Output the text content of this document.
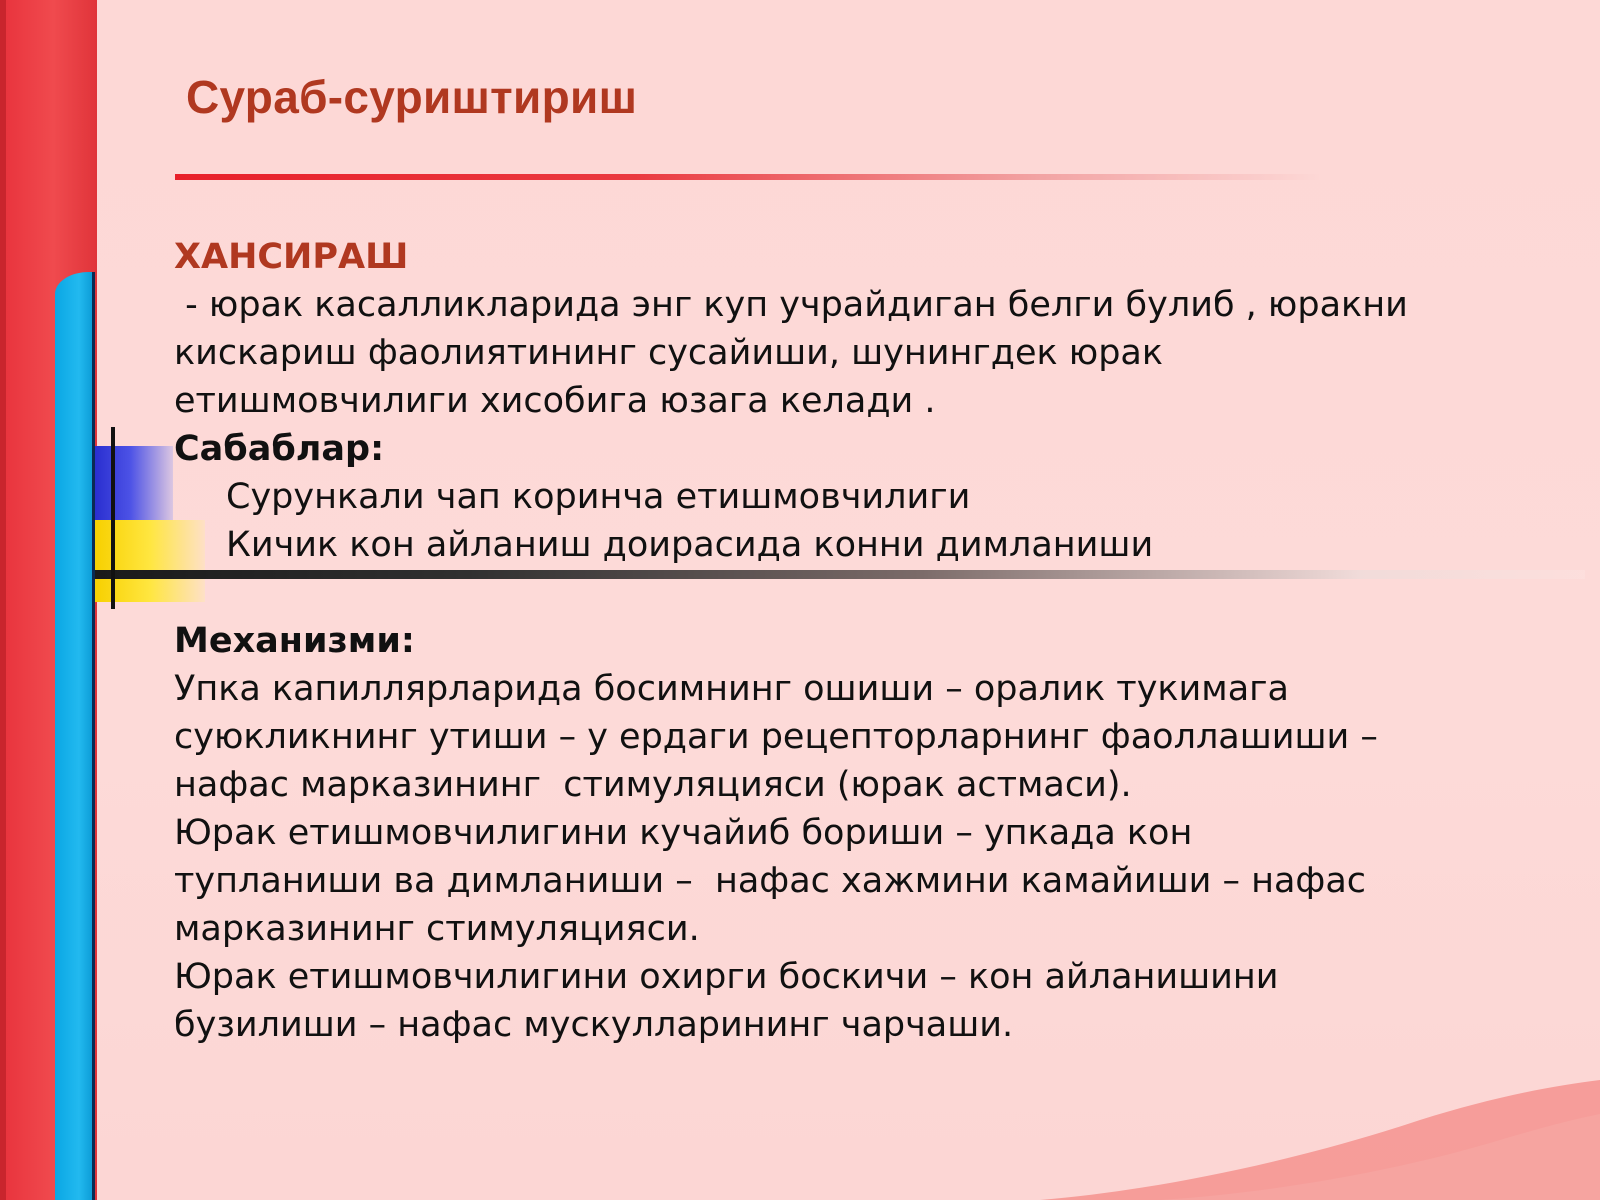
Сураб-суриштириш

ХАНСИРАШ

- юрак касалликларида энг куп учрайдиган белги булиб , юракни

кискариш фаолиятининг сусайиши, шунингдек юрак

етишмовчилиги хисобига юзага келади .

Сабаблар:

Сурункали чап коринча етишмовчилиги

Кичик кон айланиш доирасида конни димланиши

Механизми:

Упка капиллярларида босимнинг ошиши – оралик тукимага

суюкликнинг утиши – у ердаги рецепторларнинг фаоллашиши –

нафас марказининг  стимуляцияси (юрак астмаси).

Юрак етишмовчилигини кучайиб бориши – упкада кон

тупланиши ва димланиши –  нафас хажмини камайиши – нафас

марказининг стимуляцияси.

Юрак етишмовчилигини охирги боскичи – кон айланишини

бузилиши – нафас мускулларининг чарчаши.
